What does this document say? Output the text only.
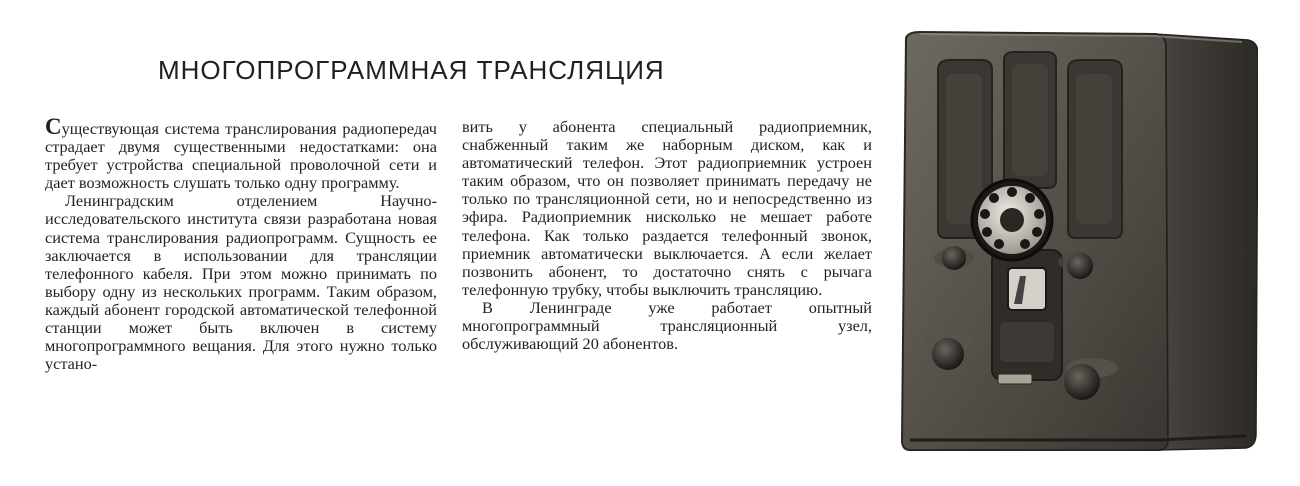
МНОГОПРОГРАММНАЯ ТРАНСЛЯЦИЯ

Существующая система транслирования радиопередач страдает двумя существенными недостатками: она требует устройства специальной проволочной сети и дает возможность слушать только одну программу.

Ленинградским отделением Научно-исследовательского института связи разработана новая система транслирования радиопрограмм. Сущность ее заключается в использовании для трансляции телефонного кабеля. При этом можно принимать по выбору одну из нескольких программ. Таким образом, каждый абонент городской автоматической телефонной станции может быть включен в систему многопрограммного вещания. Для этого нужно только устано-

вить у абонента специальный радиоприемник, снабженный таким же наборным диском, как и автоматический телефон. Этот радиоприемник устроен таким образом, что он позволяет принимать передачу не только по трансляционной сети, но и непосредственно из эфира. Радиоприемник нисколько не мешает работе телефона. Как только раздается телефонный звонок, приемник автоматически выключается. А если желает позвонить абонент, то достаточно снять с рычага телефонную трубку, чтобы выключить трансляцию.

В Ленинграде уже работает опытный многопрограммный трансляционный узел, обслуживающий 20 абонентов.
